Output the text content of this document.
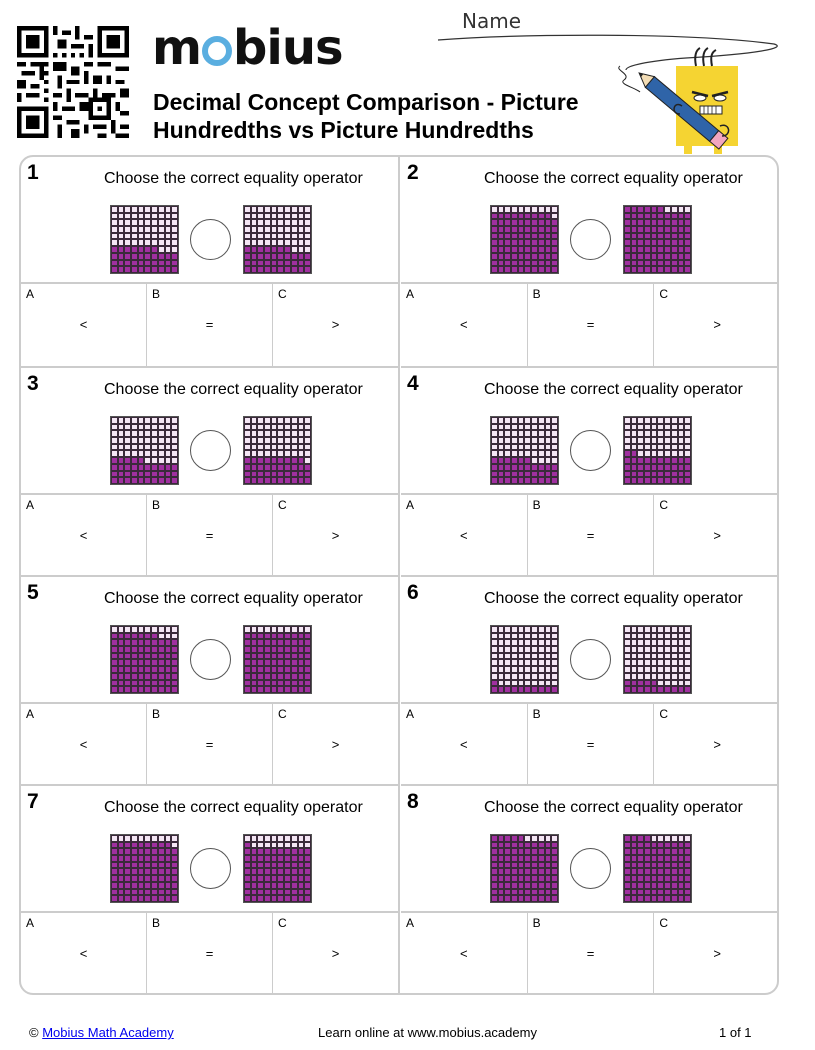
m bius
Decimal Concept Comparison - Picture Hundredths vs Picture Hundredths
Name
1	Choose the correct equality operator
A
<
B
=
C
>
2	Choose the correct equality operator
A
<
B
=
C
>
3	Choose the correct equality operator
A
<
B
=
C
>
4	Choose the correct equality operator
A
<
B
=
C
>
5	Choose the correct equality operator
A
<
B
=
C
>
6	Choose the correct equality operator
A
<
B
=
C
>
7	Choose the correct equality operator
A
<
B
=
C
>
8	Choose the correct equality operator
A
<
B
=
C
>
© Mobius Math Academy	Learn online at www.mobius.academy	1 of 1
